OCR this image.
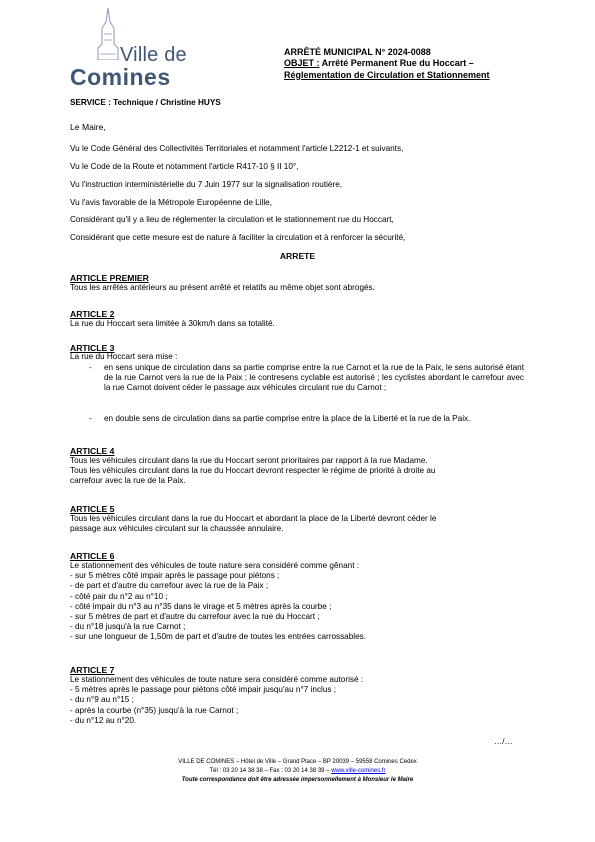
Ville de
Comines
ARRÊTÉ MUNICIPAL N° 2024-0088
OBJET : Arrêté Permanent Rue du Hoccart –
Réglementation de Circulation et Stationnement
SERVICE : Technique / Christine HUYS
Le Maire,
Vu le Code Général des Collectivités Territoriales et notamment l'article L2212-1 et suivants,
Vu le Code de la Route et notamment l'article R417-10 § II 10°,
Vu l'instruction interministérielle du 7 Juin 1977 sur la signalisation routière,
Vu l'avis favorable de la Métropole Européenne de Lille,
Considérant qu'il y a lieu de réglementer la circulation et le stationnement rue du Hoccart,
Considérant que cette mesure est de nature à faciliter la circulation et à renforcer la sécurité,
ARRETE
ARTICLE PREMIER
Tous les arrêtés antérieurs au présent arrêté et relatifs au même objet sont abrogés.
ARTICLE 2
La rue du Hoccart sera limitée à 30km/h dans sa totalité.
ARTICLE 3
La rue du Hoccart sera mise :
- en sens unique de circulation dans sa partie comprise entre la rue Carnot et la rue de la Paix, le sens autorisé étant de la rue Carnot vers la rue de la Paix ; le contresens cyclable est autorisé ; les cyclistes abordant le carrefour avec la rue Carnot doivent céder le passage aux véhicules circulant rue du Carnot ;
- en double sens de circulation dans sa partie comprise entre la place de la Liberté et la rue de la Paix.
ARTICLE 4
Tous les véhicules circulant dans la rue du Hoccart seront prioritaires par rapport à la rue Madame.
Tous les véhicules circulant dans la rue du Hoccart devront respecter le régime de priorité à droite au
carrefour avec la rue de la Paix.
ARTICLE 5
Tous les véhicules circulant dans la rue du Hoccart et abordant la place de la Liberté devront céder le
passage aux véhicules circulant sur la chaussée annulaire.
ARTICLE 6
Le stationnement des véhicules de toute nature sera considéré comme gênant :
- sur 5 mètres côté impair après le passage pour piétons ;
- de part et d'autre du carrefour avec la rue de la Paix ;
- côté pair du n°2 au n°10 ;
- côté impair du n°3 au n°35 dans le virage et 5 mètres après la courbe ;
- sur 5 mètres de part et d'autre du carrefour avec la rue du Hoccart ;
- du n°18 jusqu'à la rue Carnot ;
- sur une longueur de 1,50m de part et d'autre de toutes les entrées carrossables.
ARTICLE 7
Le stationnement des véhicules de toute nature sera considéré comme autorisé :
- 5 mètres après le passage pour piétons côté impair jusqu'au n°7 inclus ;
- du n°9 au n°15 ;
- après la courbe (n°35) jusqu'à la rue Carnot ;
- du n°12 au n°20.
…/…
VILLE DE COMINES – Hôtel de Ville – Grand Place – BP 20039 – 59558 Comines Cedex
Tél : 03 20 14 38 38 – Fax : 03 20 14 38 39 – www.ville-comines.fr
Toute correspondance doit être adressée impersonnellement à Monsieur le Maire
